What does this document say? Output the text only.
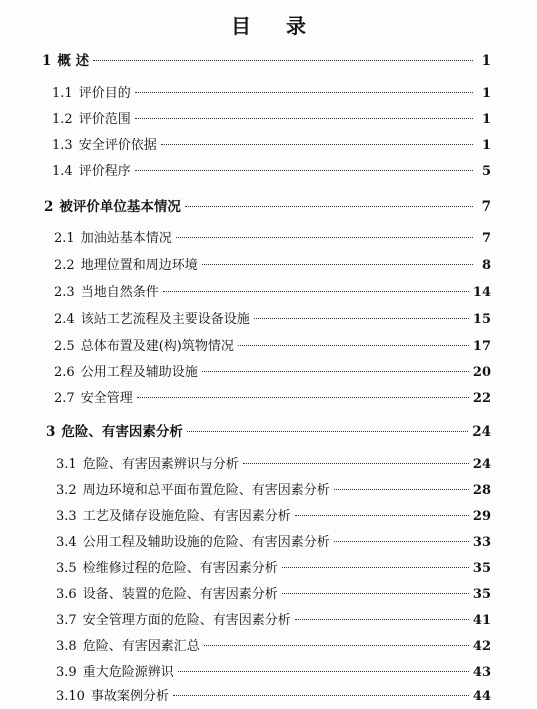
目 录
1 概 述	1
1.1 评价目的	1
1.2 评价范围	1
1.3 安全评价依据	1
1.4 评价程序	5
2 被评价单位基本情况	7
2.1 加油站基本情况	7
2.2 地理位置和周边环境	8
2.3 当地自然条件	14
2.4 该站工艺流程及主要设备设施	15
2.5 总体布置及建(构)筑物情况	17
2.6 公用工程及辅助设施	20
2.7 安全管理	22
3 危险、有害因素分析	24
3.1 危险、有害因素辨识与分析	24
3.2 周边环境和总平面布置危险、有害因素分析	28
3.3 工艺及储存设施危险、有害因素分析	29
3.4 公用工程及辅助设施的危险、有害因素分析	33
3.5 检维修过程的危险、有害因素分析	35
3.6 设备、装置的危险、有害因素分析	35
3.7 安全管理方面的危险、有害因素分析	41
3.8 危险、有害因素汇总	42
3.9 重大危险源辨识	43
3.10 事故案例分析	44
